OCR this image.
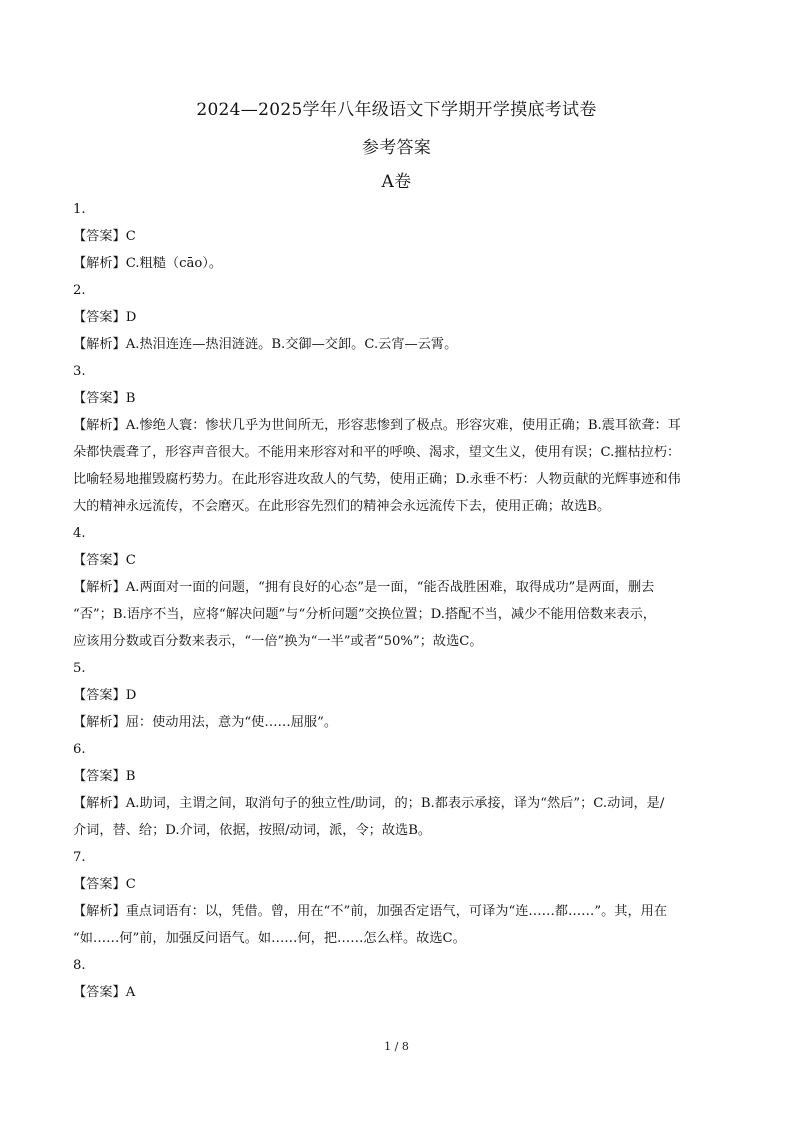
2024—2025学年八年级语文下学期开学摸底考试卷
参考答案
A卷
1.
【答案】C
【解析】C.粗糙（cāo）。
2.
【答案】D
【解析】A.热泪连连—热泪涟涟。B.交御—交卸。C.云宵—云霄。
3.
【答案】B
【解析】A.惨绝人寰：惨状几乎为世间所无，形容悲惨到了极点。形容灾难，使用正确；B.震耳欲聋：耳
朵都快震聋了，形容声音很大。不能用来形容对和平的呼唤、渴求，望文生义，使用有误；C.摧枯拉朽：
比喻轻易地摧毁腐朽势力。在此形容进攻敌人的气势，使用正确；D.永垂不朽：人物贡献的光辉事迹和伟
大的精神永远流传，不会磨灭。在此形容先烈们的精神会永远流传下去，使用正确；故选B。
4.
【答案】C
【解析】A.两面对一面的问题，“拥有良好的心态”是一面，“能否战胜困难，取得成功”是两面，删去
“否”；B.语序不当，应将“解决问题”与“分析问题”交换位置；D.搭配不当，减少不能用倍数来表示，
应该用分数或百分数来表示，“一倍”换为“一半”或者“50%”；故选C。
5.
【答案】D
【解析】屈：使动用法，意为“使……屈服”。
6.
【答案】B
【解析】A.助词，主谓之间，取消句子的独立性/助词，的；B.都表示承接，译为“然后”；C.动词，是/
介词，替、给；D.介词，依据，按照/动词，派，令；故选B。
7.
【答案】C
【解析】重点词语有：以，凭借。曾，用在“不”前，加强否定语气，可译为“连……都……”。其，用在
“如……何”前，加强反问语气。如……何，把……怎么样。故选C。
8.
【答案】A
1 / 8
